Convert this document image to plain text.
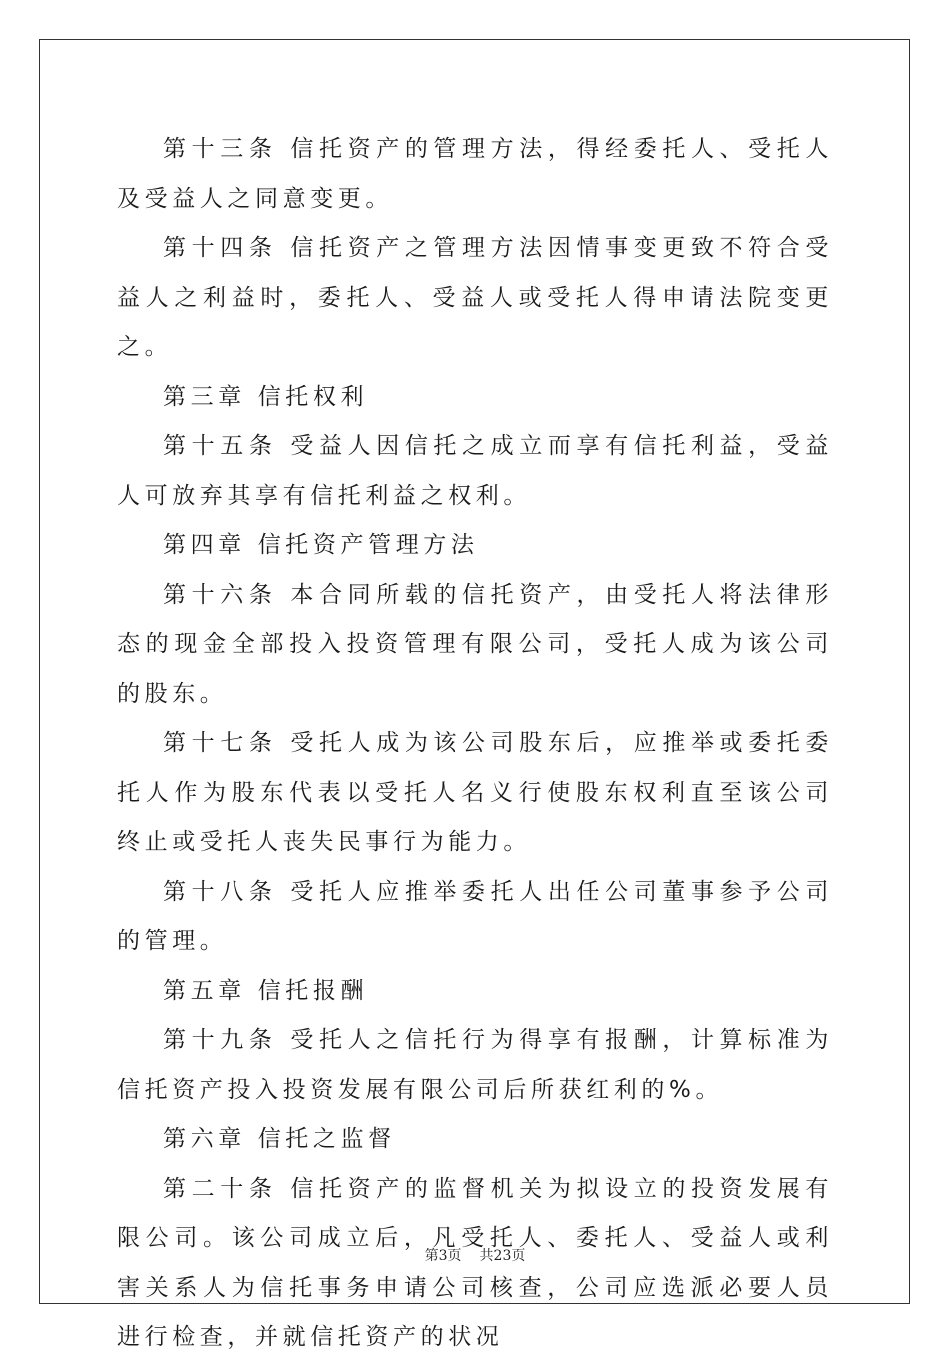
第十三条 信托资产的管理方法，得经委托人、受托人及受益人之同意变更。

第十四条 信托资产之管理方法因情事变更致不符合受益人之利益时，委托人、受益人或受托人得申请法院变更之。

第三章 信托权利

第十五条 受益人因信托之成立而享有信托利益，受益人可放弃其享有信托利益之权利。

第四章 信托资产管理方法

第十六条 本合同所载的信托资产，由受托人将法律形态的现金全部投入投资管理有限公司，受托人成为该公司的股东。

第十七条 受托人成为该公司股东后，应推举或委托委托人作为股东代表以受托人名义行使股东权利直至该公司终止或受托人丧失民事行为能力。

第十八条 受托人应推举委托人出任公司董事参予公司的管理。

第五章 信托报酬

第十九条 受托人之信托行为得享有报酬，计算标准为信托资产投入投资发展有限公司后所获红利的%。

第六章 信托之监督

第二十条 信托资产的监督机关为拟设立的投资发展有限公司。该公司成立后，凡受托人、委托人、受益人或利害关系人为信托事务申请公司核查，公司应选派必要人员进行检查，并就信托资产的状况

第3页 共23页
